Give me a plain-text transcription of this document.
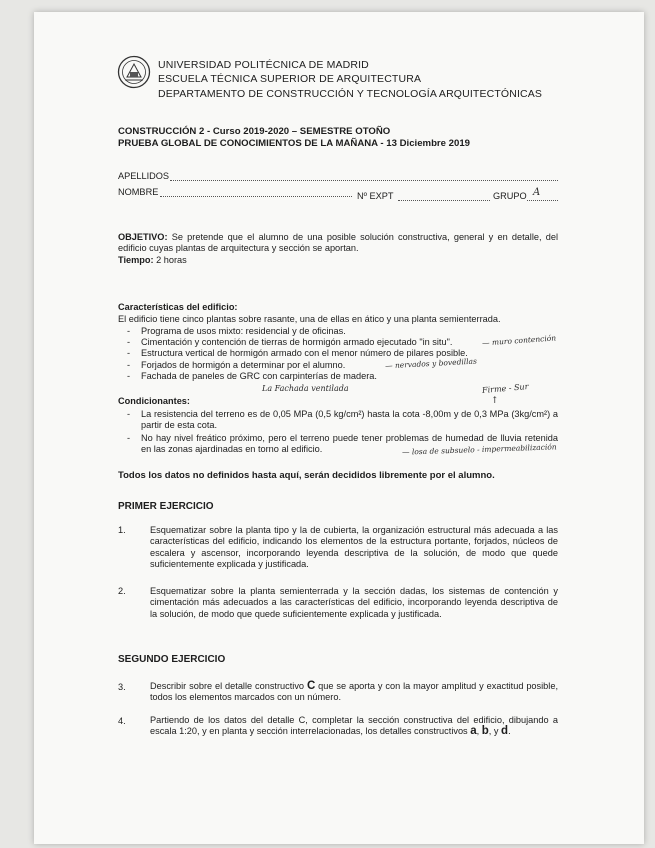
UNIVERSIDAD POLITÉCNICA DE MADRID
ESCUELA TÉCNICA SUPERIOR DE ARQUITECTURA
DEPARTAMENTO DE CONSTRUCCIÓN Y TECNOLOGÍA ARQUITECTÓNICAS
CONSTRUCCIÓN 2 - Curso 2019-2020 – SEMESTRE OTOÑO
PRUEBA GLOBAL DE CONOCIMIENTOS DE LA MAÑANA - 13 Diciembre 2019
APELLIDOS
NOMBRE	Nº EXPT	GRUPO A
OBJETIVO: Se pretende que el alumno de una posible solución constructiva, general y en detalle, del edificio cuyas plantas de arquitectura y sección se aportan.
Tiempo: 2 horas
Características del edificio:
El edificio tiene cinco plantas sobre rasante, una de ellas en ático y una planta semienterrada.
- Programa de usos mixto: residencial y de oficinas.
- Cimentación y contención de tierras de hormigón armado ejecutado "in situ".
- Estructura vertical de hormigón armado con el menor número de pilares posible.
- Forjados de hormigón a determinar por el alumno.
- Fachada de paneles de GRC con carpinterías de madera.
— muro contención
— nervados y bovedillas
La Fachada ventilada	Firme - Sur
↑
Condicionantes:
-	La resistencia del terreno es de 0,05 MPa (0,5 kg/cm²) hasta la cota -8,00m y de 0,3 MPa (3kg/cm²) a partir de esta cota.
-	No hay nivel freático próximo, pero el terreno puede tener problemas de humedad de lluvia retenida en las zonas ajardinadas en torno al edificio.	— losa de subsuelo - impermeabilización
Todos los datos no definidos hasta aquí, serán decididos libremente por el alumno.
PRIMER EJERCICIO
1.	Esquematizar sobre la planta tipo y la de cubierta, la organización estructural más adecuada a las características del edificio, indicando los elementos de la estructura portante, forjados, núcleos de escalera y ascensor, incorporando leyenda descriptiva de la solución, de modo que quede suficientemente explicada y justificada.
2.	Esquematizar sobre la planta semienterrada y la sección dadas, los sistemas de contención y cimentación más adecuados a las características del edificio, incorporando leyenda descriptiva de la solución, de modo que quede suficientemente explicada y justificada.
SEGUNDO EJERCICIO
3.	Describir sobre el detalle constructivo C que se aporta y con la mayor amplitud y exactitud posible, todos los elementos marcados con un número.
4.	Partiendo de los datos del detalle C, completar la sección constructiva del edificio, dibujando a escala 1:20, y en planta y sección interrelacionadas, los detalles constructivos a, b, y d.
